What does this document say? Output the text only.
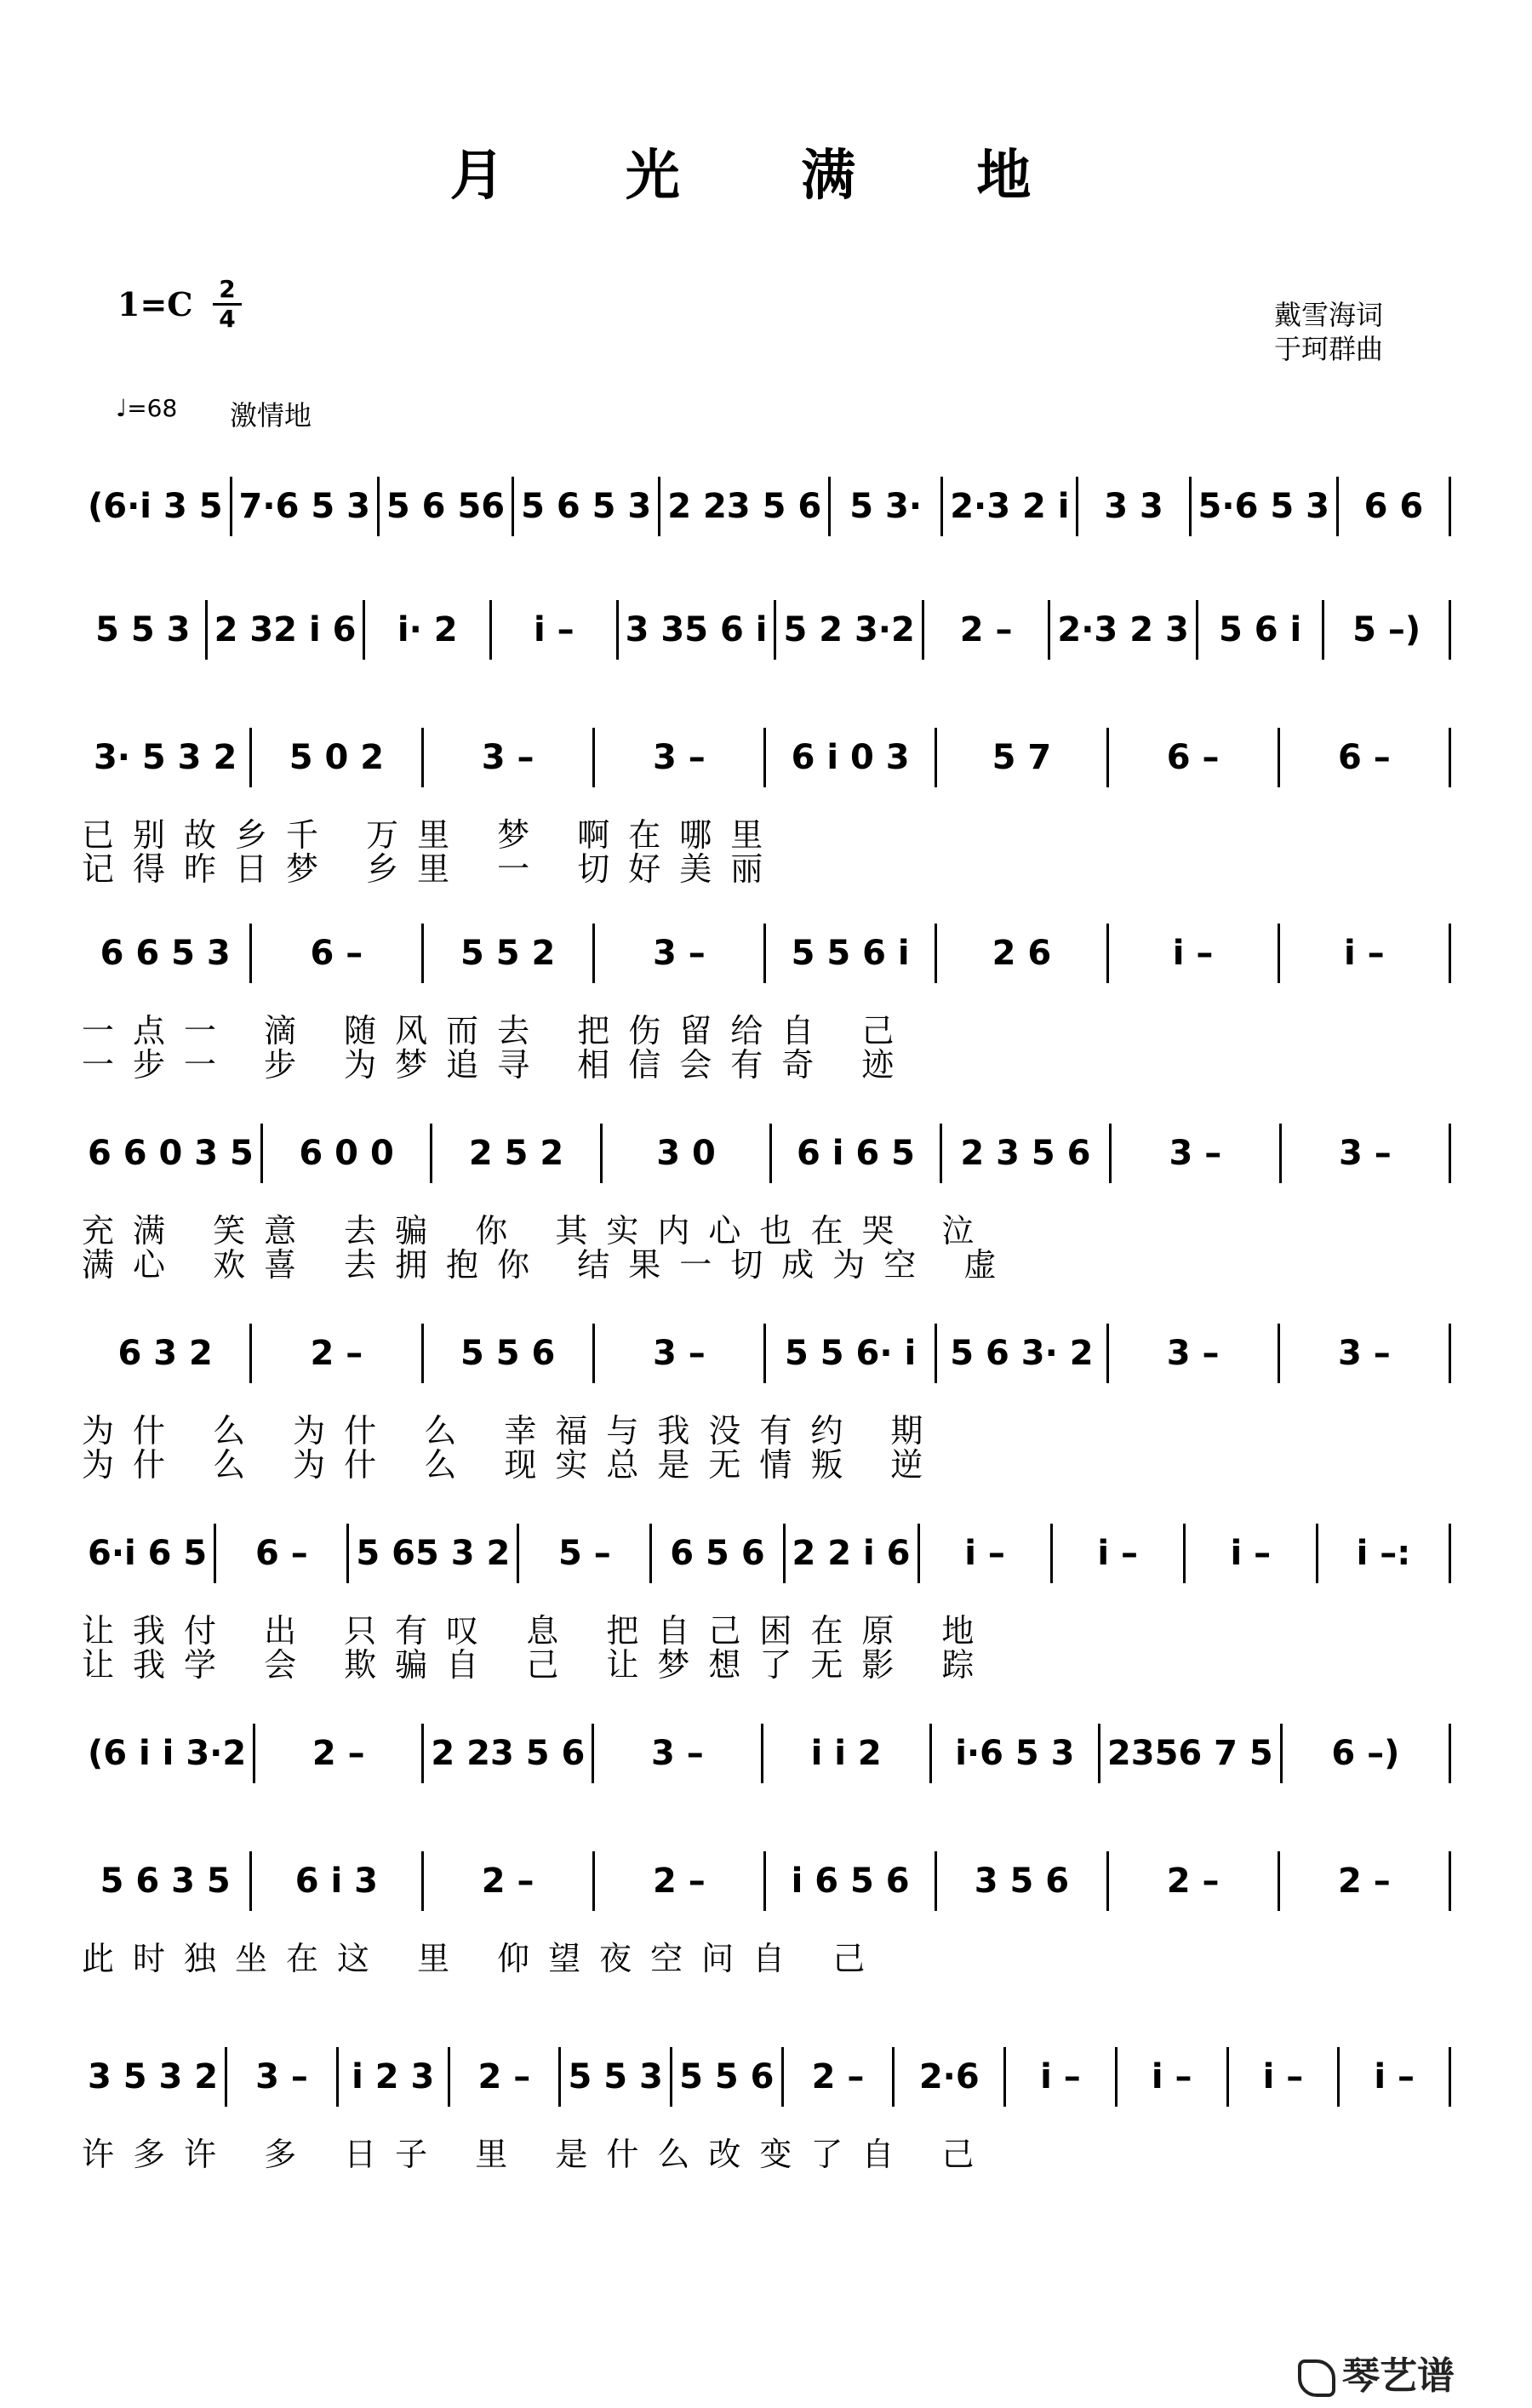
月 光 满 地
1=C 2
4	戴雪海词
于珂群曲
♩=68 激情地
(6·i 3 5 7·6 5 3 5 6 56 5 6 5 3 2 23 5 6 5 3· 2·3 2 i	3 3	5·6 5 3	6 6
5 5 3 2 32 i 6	i· 2	i –	3 35 6 i 5 2 3·2	2 –	2·3 2 3 5 6 i	5 –)
3· 5 3 2	5 0 2	3 –	3 –	6 i 0 3	5 7	6 –	6 –
已别故乡千 万里 梦 啊在哪里
记得昨日梦 乡里 一 切好美丽
6 6 5 3	6 –	5 5 2	3 –	5 5 6 i	2 6	i –	i –
一点一 滴 随风而去 把伤留给自 己
一步一 步 为梦追寻 相信会有奇 迹
6 6 0 3 5	6 0 0	2 5 2	3 0	6 i 6 5	2 3 5 6	3 –	3 –
充满 笑意 去骗 你 其实内心也在哭 泣
满心 欢喜 去拥抱你 结果一切成为空 虚
6 3 2	2 –	5 5 6	3 –	5 5 6· i	5 6 3· 2	3 –	3 –
为什 么 为什 么 幸福与我没有约 期
为什 么 为什 么 现实总是无情叛 逆
6·i 6 5	6 –	5 65 3 2	5 –	6 5 6 2 2 i 6	i –	i –	i –	i –:
让我付 出 只有叹 息 把自己困在原 地
让我学 会 欺骗自 己 让梦想了无影 踪
(6 i i 3·2	2 –	2 23 5 6	3 –	i i 2	i·6 5 3 2356 7 5	6 –)
5 6 3 5	6 i 3	2 –	2 –	i 6 5 6	3 5 6	2 –	2 –
此时独坐在这 里 仰望夜空问自 己
3 5 3 2	3 –	i 2 3	2 –	5 5 3 5 5 6	2 –	2·6	i –	i –	i –	i –
许多许 多 日子 里 是什么改变了自 己
琴艺谱
